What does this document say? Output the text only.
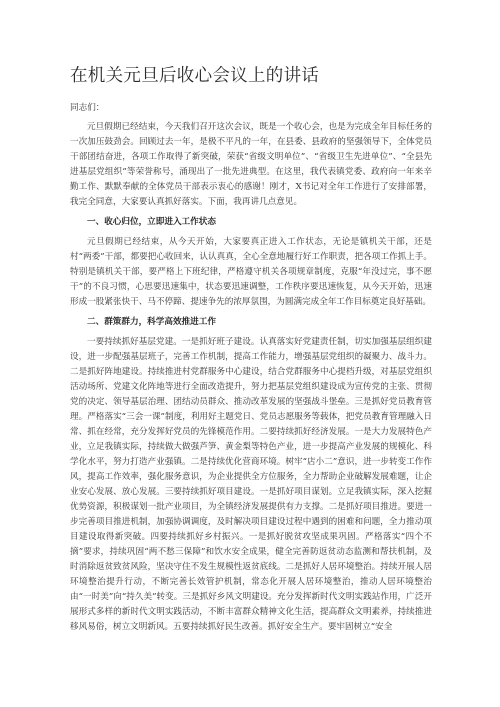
在机关元旦后收心会议上的讲话

同志们：

元旦假期已经结束，今天我们召开这次会议，既是一个收心会，也是为完成全年目标任务的一次加压鼓劲会。回顾过去一年，是极不平凡的一年，在县委、县政府的坚强领导下，全体党员干部团结奋进，各项工作取得了新突破，荣获“省级文明单位”、“省级卫生先进单位”、“全县先进基层党组织”等荣誉称号，涌现出了一批先进典型。在这里，我代表镇党委、政府向一年来辛勤工作、默默奉献的全体党员干部表示衷心的感谢！刚才，X书记对全年工作进行了安排部署，我完全同意，大家要认真抓好落实。下面，我再讲几点意见。

一、收心归位，立即进入工作状态

元旦假期已经结束，从今天开始，大家要真正进入工作状态，无论是镇机关干部，还是村“两委”干部，都要把心收回来，认认真真，全心全意地履行好工作职责，把各项工作抓上手。特别是镇机关干部，要严格上下班纪律，严格遵守机关各项规章制度，克服“年没过完，事不愿干”的不良习惯，心思要迅速集中，状态要迅速调整，工作秩序要迅速恢复，从今天开始，迅速形成一股紧张快干、马不停蹄、提速争先的浓厚氛围，为圆满完成全年工作目标奠定良好基础。

二、群策群力，科学高效推进工作

一要持续抓好基层党建。一是抓好班子建设。认真落实好党建责任制，切实加强基层组织建设，进一步配强基层班子，完善工作机制，提高工作能力，增强基层党组织的凝聚力、战斗力。二是抓好阵地建设。持续推进村党群服务中心建设，结合党群服务中心提档升级，对基层党组织活动场所、党建文化阵地等进行全面改造提升，努力把基层党组织建设成为宣传党的主张、贯彻党的决定、领导基层治理、团结动员群众、推动改革发展的坚强战斗堡垒。三是抓好党员教育管理。严格落实“三会一课”制度，利用好主题党日、党员志愿服务等载体，把党员教育管理融入日常、抓在经常，充分发挥好党员的先锋模范作用。二要持续抓好经济发展。一是大力发展特色产业，立足我镇实际，持续做大做强芦笋、黄金梨等特色产业，进一步提高产业发展的规模化、科学化水平，努力打造产业强镇。二是持续优化营商环境。树牢“店小二”意识，进一步转变工作作风，提高工作效率，强化服务意识，为企业提供全方位服务，全力帮助企业破解发展难题，让企业安心发展、放心发展。三要持续抓好项目建设。一是抓好项目谋划。立足我镇实际，深入挖掘优势资源，积极谋划一批产业项目，为全镇经济发展提供有力支撑。二是抓好项目推进。要进一步完善项目推进机制，加强协调调度，及时解决项目建设过程中遇到的困难和问题，全力推动项目建设取得新突破。四要持续抓好乡村振兴。一是抓好脱贫攻坚成果巩固。严格落实“四个不摘”要求，持续巩固“两不愁三保障”和饮水安全成果，健全完善防返贫动态监测和帮扶机制，及时消除返贫致贫风险，坚决守住不发生规模性返贫底线。二是抓好人居环境整治。持续开展人居环境整治提升行动，不断完善长效管护机制，常态化开展人居环境整治，推动人居环境整治由“一时美”向“持久美”转变。三是抓好乡风文明建设。充分发挥新时代文明实践站作用，广泛开展形式多样的新时代文明实践活动，不断丰富群众精神文化生活，提高群众文明素养，持续推进移风易俗，树立文明新风。五要持续抓好民生改善。抓好安全生产。要牢固树立“安全
